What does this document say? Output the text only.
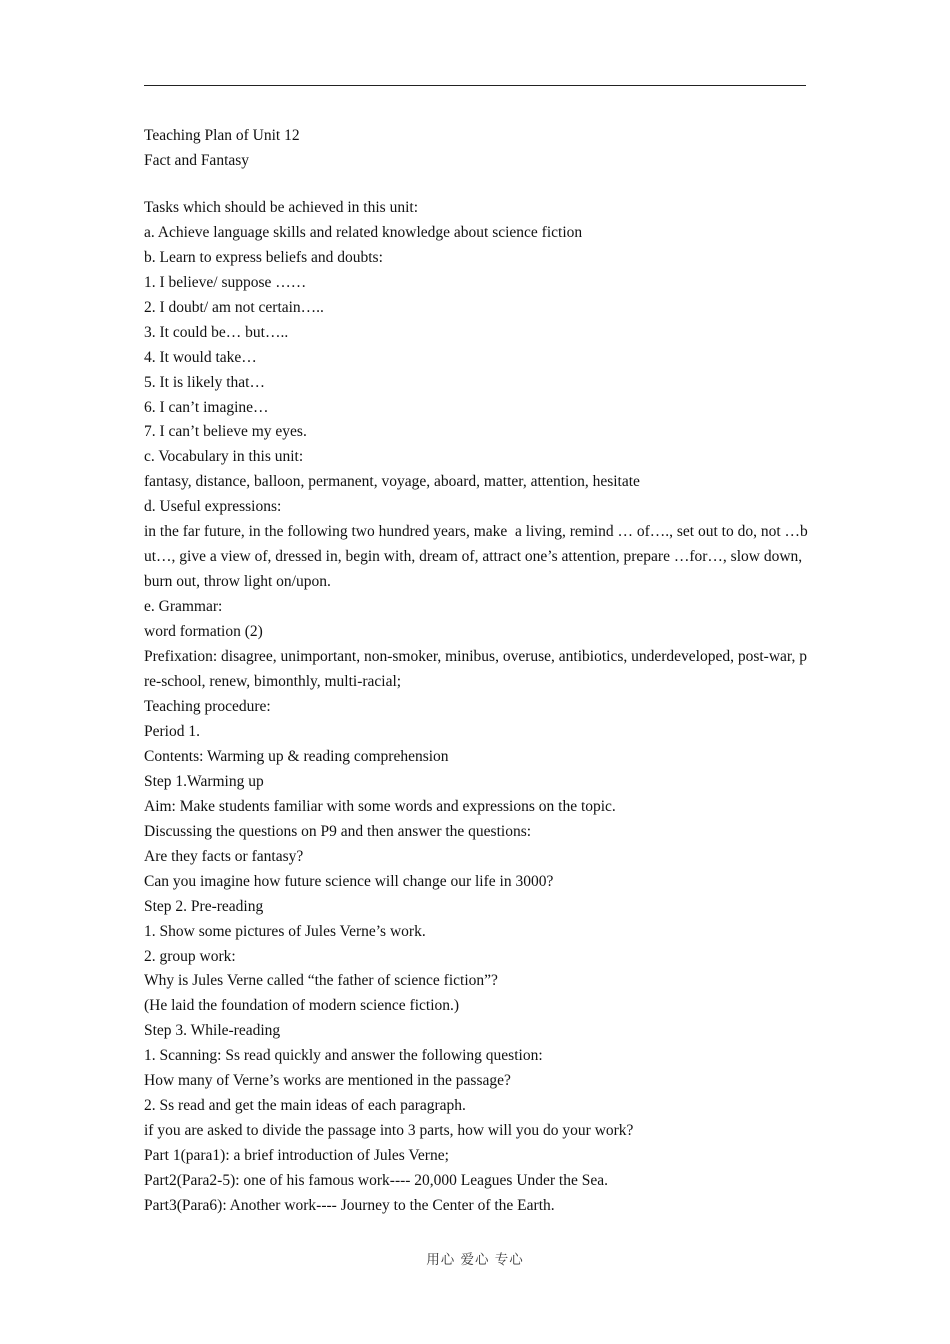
Teaching Plan of Unit 12
Fact and Fantasy
Tasks which should be achieved in this unit:
a. Achieve language skills and related knowledge about science fiction
b. Learn to express beliefs and doubts:
1. I believe/ suppose ……
2. I doubt/ am not certain…..
3. It could be… but…..
4. It would take…
5. It is likely that…
6. I can’t imagine…
7. I can’t believe my eyes.
c. Vocabulary in this unit:
fantasy, distance, balloon, permanent, voyage, aboard, matter, attention, hesitate
d. Useful expressions:
in the far future, in the following two hundred years, make  a living, remind … of…., set out to do, not …but…, give a view of, dressed in, begin with, dream of, attract one’s attention, prepare …for…, slow down, burn out, throw light on/upon.
e. Grammar:
word formation (2)
Prefixation: disagree, unimportant, non-smoker, minibus, overuse, antibiotics, underdeveloped, post-war, pre-school, renew, bimonthly, multi-racial;
Teaching procedure:
Period 1.
Contents: Warming up & reading comprehension
Step 1.Warming up
Aim: Make students familiar with some words and expressions on the topic.
Discussing the questions on P9 and then answer the questions:
Are they facts or fantasy?
Can you imagine how future science will change our life in 3000?
Step 2. Pre-reading
1. Show some pictures of Jules Verne’s work.
2. group work:
Why is Jules Verne called “the father of science fiction”?
(He laid the foundation of modern science fiction.)
Step 3. While-reading
1. Scanning: Ss read quickly and answer the following question:
How many of Verne’s works are mentioned in the passage?
2. Ss read and get the main ideas of each paragraph.
if you are asked to divide the passage into 3 parts, how will you do your work?
Part 1(para1): a brief introduction of Jules Verne;
Part2(Para2-5): one of his famous work---- 20,000 Leagues Under the Sea.
Part3(Para6): Another work---- Journey to the Center of the Earth.
用心 爱心 专心
